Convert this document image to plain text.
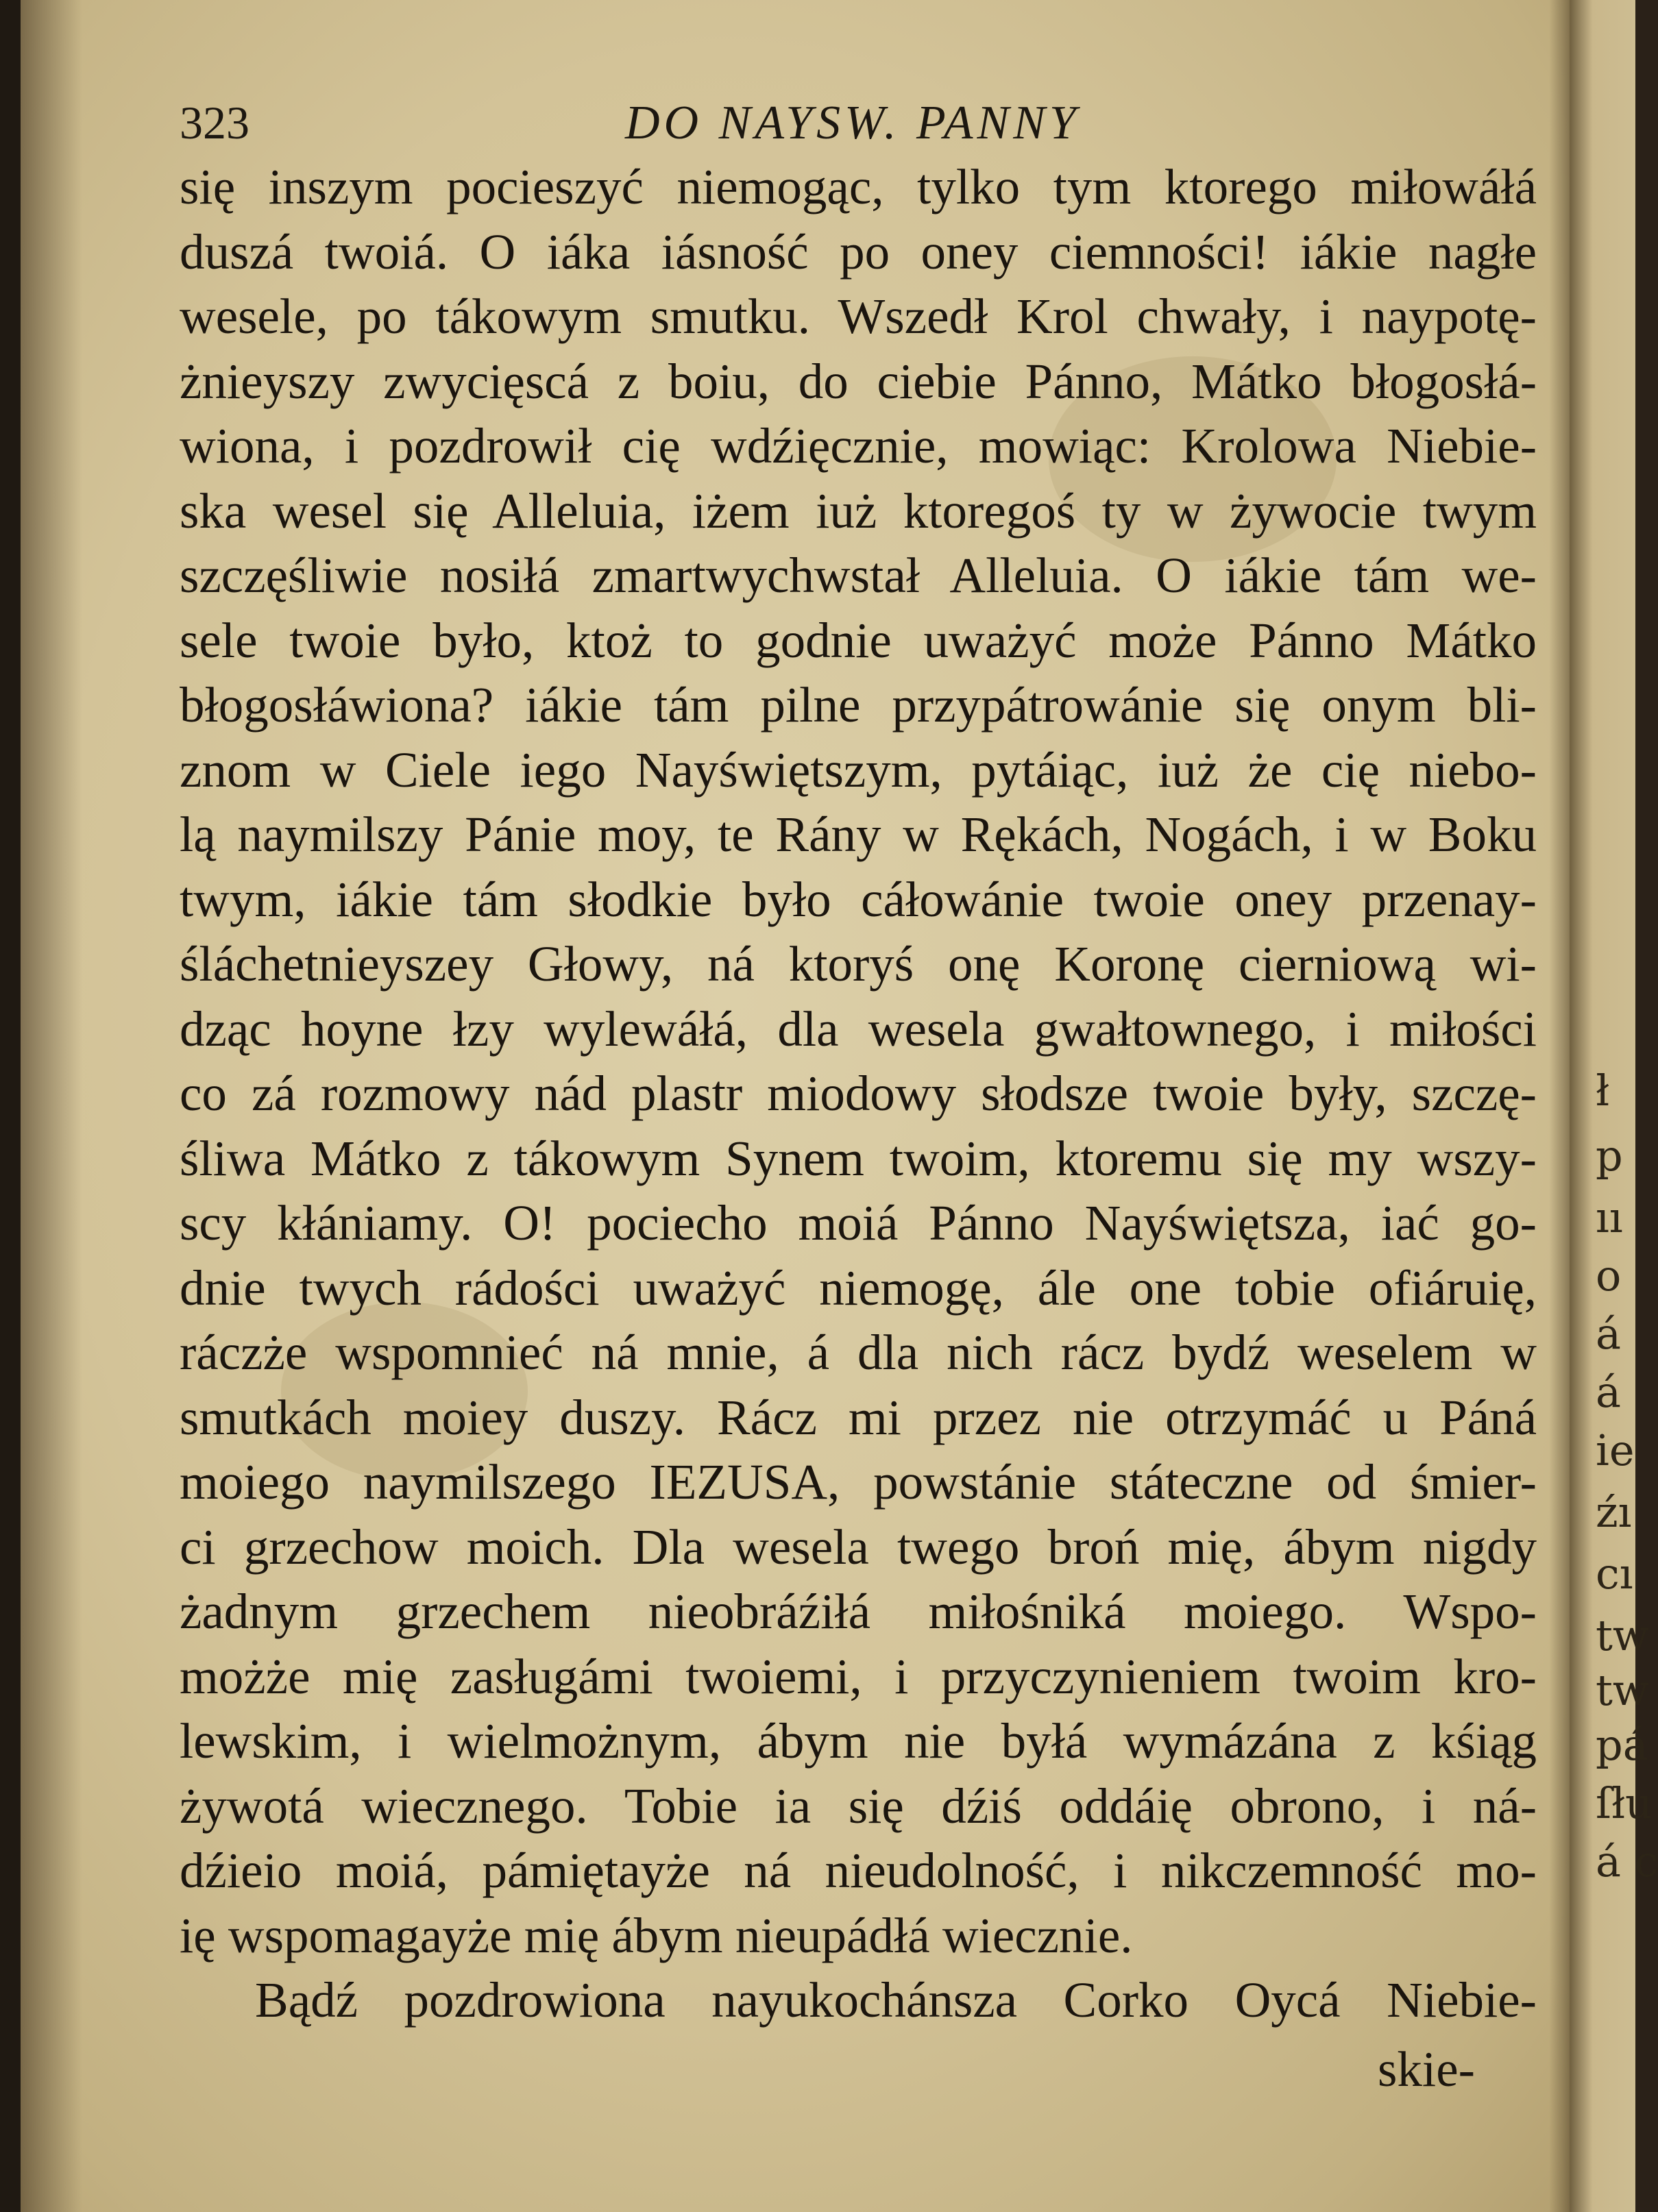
323	DO NAYSW. PANNY
się inszym pocieszyć niemogąc, tylko tym ktorego miłowáłá
duszá twoiá. O iáka iásność po oney ciemności! iákie nagłe
wesele, po tákowym smutku. Wszedł Krol chwały, i naypotę-
żnieyszy zwycięscá z boiu, do ciebie Pánno, Mátko błogosłá-
wiona, i pozdrowił cię wdźięcznie, mowiąc: Krolowa Niebie-
ska wesel się Alleluia, iżem iuż ktoregoś ty w żywocie twym
szczęśliwie nosiłá zmartwychwstał Alleluia. O iákie tám we-
sele twoie było, ktoż to godnie uważyć może Pánno Mátko
błogosłáwiona? iákie tám pilne przypátrowánie się onym bli-
znom w Ciele iego Nayświętszym, pytáiąc, iuż że cię niebo-
lą naymilszy Pánie moy, te Rány w Rękách, Nogách, i w Boku
twym, iákie tám słodkie było cáłowánie twoie oney przenay-
śláchetnieyszey Głowy, ná ktoryś onę Koronę cierniową wi-
dząc hoyne łzy wylewáłá, dla wesela gwałtownego, i miłości
co zá rozmowy nád plastr miodowy słodsze twoie były, szczę-
śliwa Mátko z tákowym Synem twoim, ktoremu się my wszy-
scy kłániamy. O! pociecho moiá Pánno Nayświętsza, iać go-
dnie twych rádości uważyć niemogę, ále one tobie ofiáruię,
ráczże wspomnieć ná mnie, á dla nich rácz bydź weselem w
smutkách moiey duszy. Rácz mi przez nie otrzymáć u Páná
moiego naymilszego IEZUSA, powstánie státeczne od śmier-
ci grzechow moich. Dla wesela twego broń mię, ábym nigdy
żadnym grzechem nieobráźiłá miłośniká moiego. Wspo-
możże mię zasługámi twoiemi, i przyczynieniem twoim kro-
lewskim, i wielmożnym, ábym nie byłá wymázána z kśiąg
żywotá wiecznego. Tobie ia się dźiś oddáię obrono, i ná-
dźieio moiá, pámiętayże ná nieudolność, i nikczemność mo-
ię wspomagayże mię ábym nieupádłá wiecznie.
Bądź pozdrowiona nayukochánsza Corko Oycá Niebie-
skie-
ł
p
ıı
o
á
á
ie
źı
cı
tw
tw
pá
ſłu
á c
